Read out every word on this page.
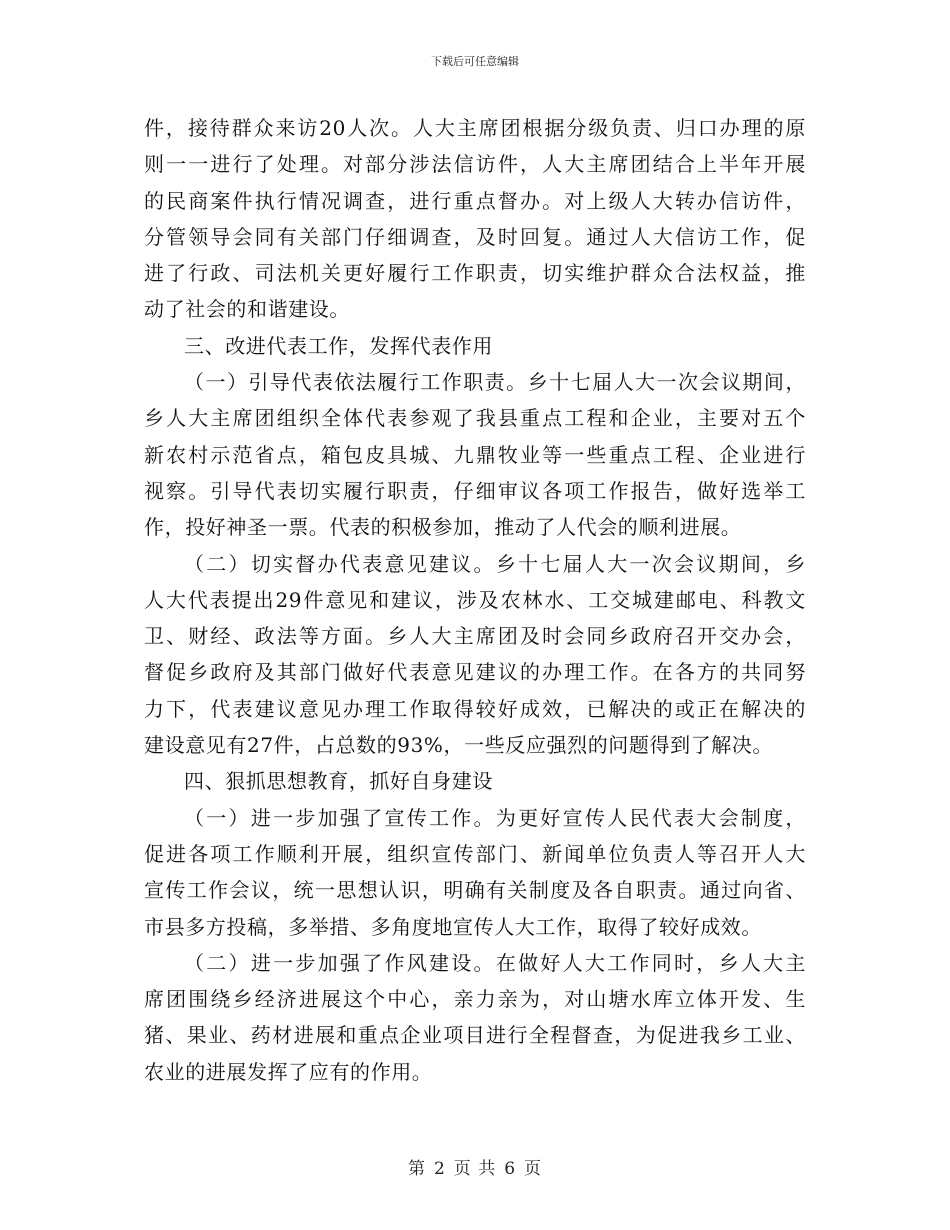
下载后可任意编辑
件，接待群众来访20人次。人大主席团根据分级负责、归口办理的原
则一一进行了处理。对部分涉法信访件，人大主席团结合上半年开展
的民商案件执行情况调查，进行重点督办。对上级人大转办信访件，
分管领导会同有关部门仔细调查，及时回复。通过人大信访工作，促
进了行政、司法机关更好履行工作职责，切实维护群众合法权益，推
动了社会的和谐建设。
三、改进代表工作，发挥代表作用
（一）引导代表依法履行工作职责。乡十七届人大一次会议期间，
乡人大主席团组织全体代表参观了我县重点工程和企业，主要对五个
新农村示范省点，箱包皮具城、九鼎牧业等一些重点工程、企业进行
视察。引导代表切实履行职责，仔细审议各项工作报告，做好选举工
作，投好神圣一票。代表的积极参加，推动了人代会的顺利进展。
（二）切实督办代表意见建议。乡十七届人大一次会议期间，乡
人大代表提出29件意见和建议，涉及农林水、工交城建邮电、科教文
卫、财经、政法等方面。乡人大主席团及时会同乡政府召开交办会，
督促乡政府及其部门做好代表意见建议的办理工作。在各方的共同努
力下，代表建议意见办理工作取得较好成效，已解决的或正在解决的
建设意见有27件，占总数的93%，一些反应强烈的问题得到了解决。
四、狠抓思想教育，抓好自身建设
（一）进一步加强了宣传工作。为更好宣传人民代表大会制度，
促进各项工作顺利开展，组织宣传部门、新闻单位负责人等召开人大
宣传工作会议，统一思想认识，明确有关制度及各自职责。通过向省、
市县多方投稿，多举措、多角度地宣传人大工作，取得了较好成效。
（二）进一步加强了作风建设。在做好人大工作同时，乡人大主
席团围绕乡经济进展这个中心，亲力亲为，对山塘水库立体开发、生
猪、果业、药材进展和重点企业项目进行全程督查，为促进我乡工业、
农业的进展发挥了应有的作用。
第 2 页 共 6 页
